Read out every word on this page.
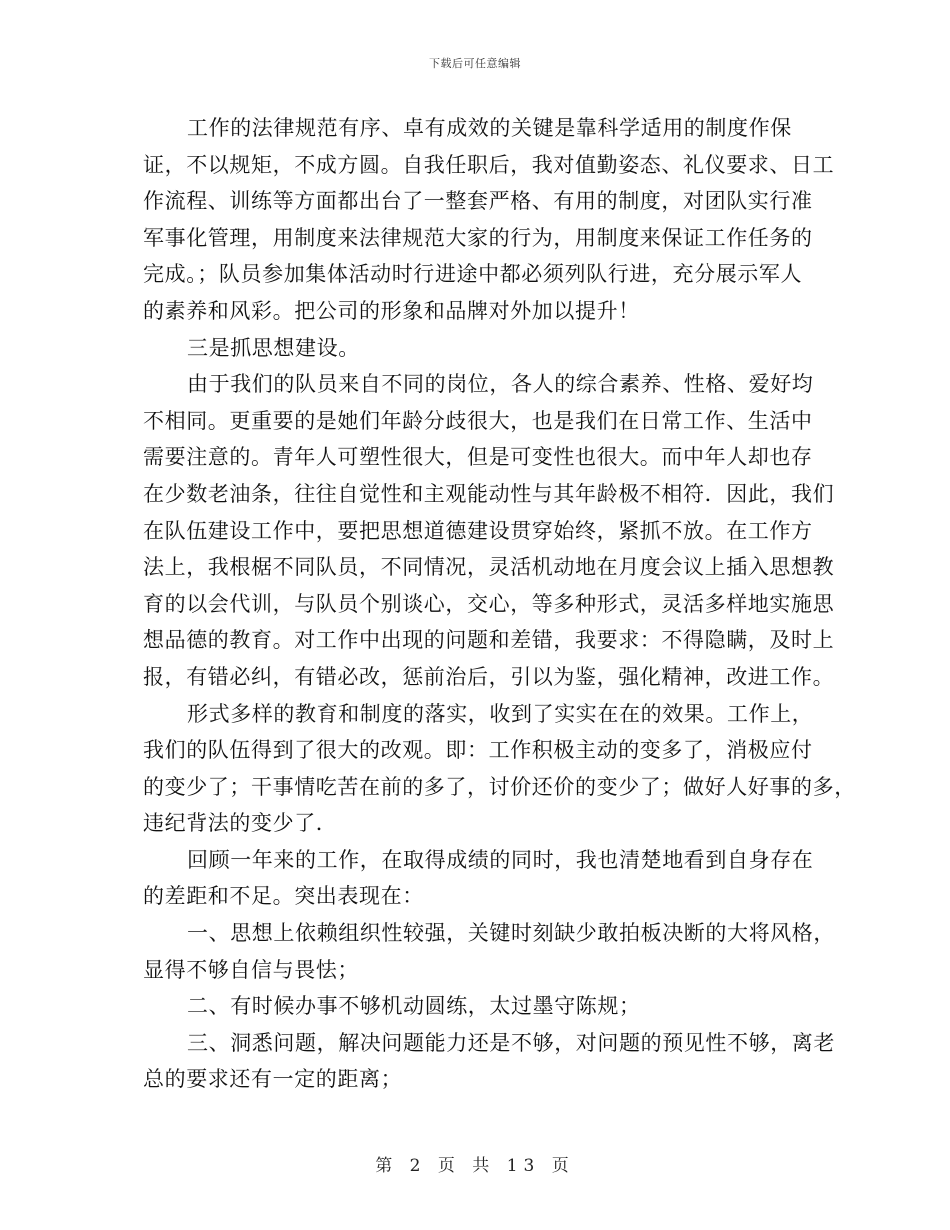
下载后可任意编辑
工作的法律规范有序、卓有成效的关键是靠科学适用的制度作保
证，不以规矩，不成方圆。自我任职后，我对值勤姿态、礼仪要求、日工
作流程、训练等方面都出台了一整套严格、有用的制度，对团队实行准
军事化管理，用制度来法律规范大家的行为，用制度来保证工作任务的
完成。；队员参加集体活动时行进途中都必须列队行进，充分展示军人
的素养和风彩。把公司的形象和品牌对外加以提升！
三是抓思想建设。
由于我们的队员来自不同的岗位，各人的综合素养、性格、爱好均
不相同。更重要的是她们年龄分歧很大，也是我们在日常工作、生活中
需要注意的。青年人可塑性很大，但是可变性也很大。而中年人却也存
在少数老油条，往往自觉性和主观能动性与其年龄极不相符．因此，我们
在队伍建设工作中，要把思想道德建设贯穿始终，紧抓不放。在工作方
法上，我根椐不同队员，不同情况，灵活机动地在月度会议上插入思想教
育的以会代训，与队员个别谈心，交心，等多种形式，灵活多样地实施思
想品德的教育。对工作中出现的问题和差错，我要求：不得隐瞒，及时上
报，有错必纠，有错必改，惩前治后，引以为鉴，强化精神，改进工作。
形式多样的教育和制度的落实，收到了实实在在的效果。工作上，
我们的队伍得到了很大的改观。即：工作积极主动的变多了，消极应付
的变少了；干事情吃苦在前的多了，讨价还价的变少了；做好人好事的多，
违纪背法的变少了．
回顾一年来的工作，在取得成绩的同时，我也清楚地看到自身存在
的差距和不足。突出表现在：
一、思想上依赖组织性较强，关键时刻缺少敢拍板决断的大将风格，
显得不够自信与畏怯；
二、有时候办事不够机动圆练，太过墨守陈规；
三、洞悉问题，解决问题能力还是不够，对问题的预见性不够，离老
总的要求还有一定的距离；
第 2 页 共 13 页
